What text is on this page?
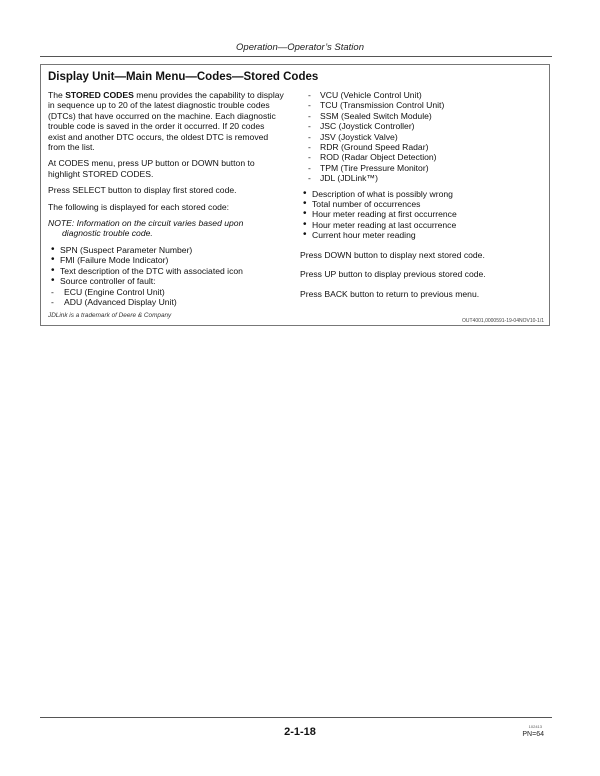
Operation—Operator’s Station
Display Unit—Main Menu—Codes—Stored Codes

The STORED CODES menu provides the capability to display in sequence up to 20 of the latest diagnostic trouble codes (DTCs) that have occurred on the machine. Each diagnostic trouble code is saved in the order it occurred. If 20 codes exist and another DTC occurs, the oldest DTC is removed from the list.

At CODES menu, press UP button or DOWN button to highlight STORED CODES.

Press SELECT button to display first stored code.

The following is displayed for each stored code:

NOTE: Information on the circuit varies based upon
diagnostic trouble code.

• SPN (Suspect Parameter Number)
• FMI (Failure Mode Indicator)
• Text description of the DTC with associated icon
• Source controller of fault:
- ECU (Engine Control Unit)
- ADU (Advanced Display Unit)
- VCU (Vehicle Control Unit)
- TCU (Transmission Control Unit)
- SSM (Sealed Switch Module)
- JSC (Joystick Controller)
- JSV (Joystick Valve)
- RDR (Ground Speed Radar)
- ROD (Radar Object Detection)
- TPM (Tire Pressure Monitor)
- JDL (JDLink™)
• Description of what is possibly wrong
• Total number of occurrences
• Hour meter reading at first occurrence
• Hour meter reading at last occurrence
• Current hour meter reading

Press DOWN button to display next stored code.

Press UP button to display previous stored code.

Press BACK button to return to previous menu.

JDLink is a trademark of Deere & Company
OUT4001,0000591-19-04NOV10-1/1
2-1-18	102413
PN=64
